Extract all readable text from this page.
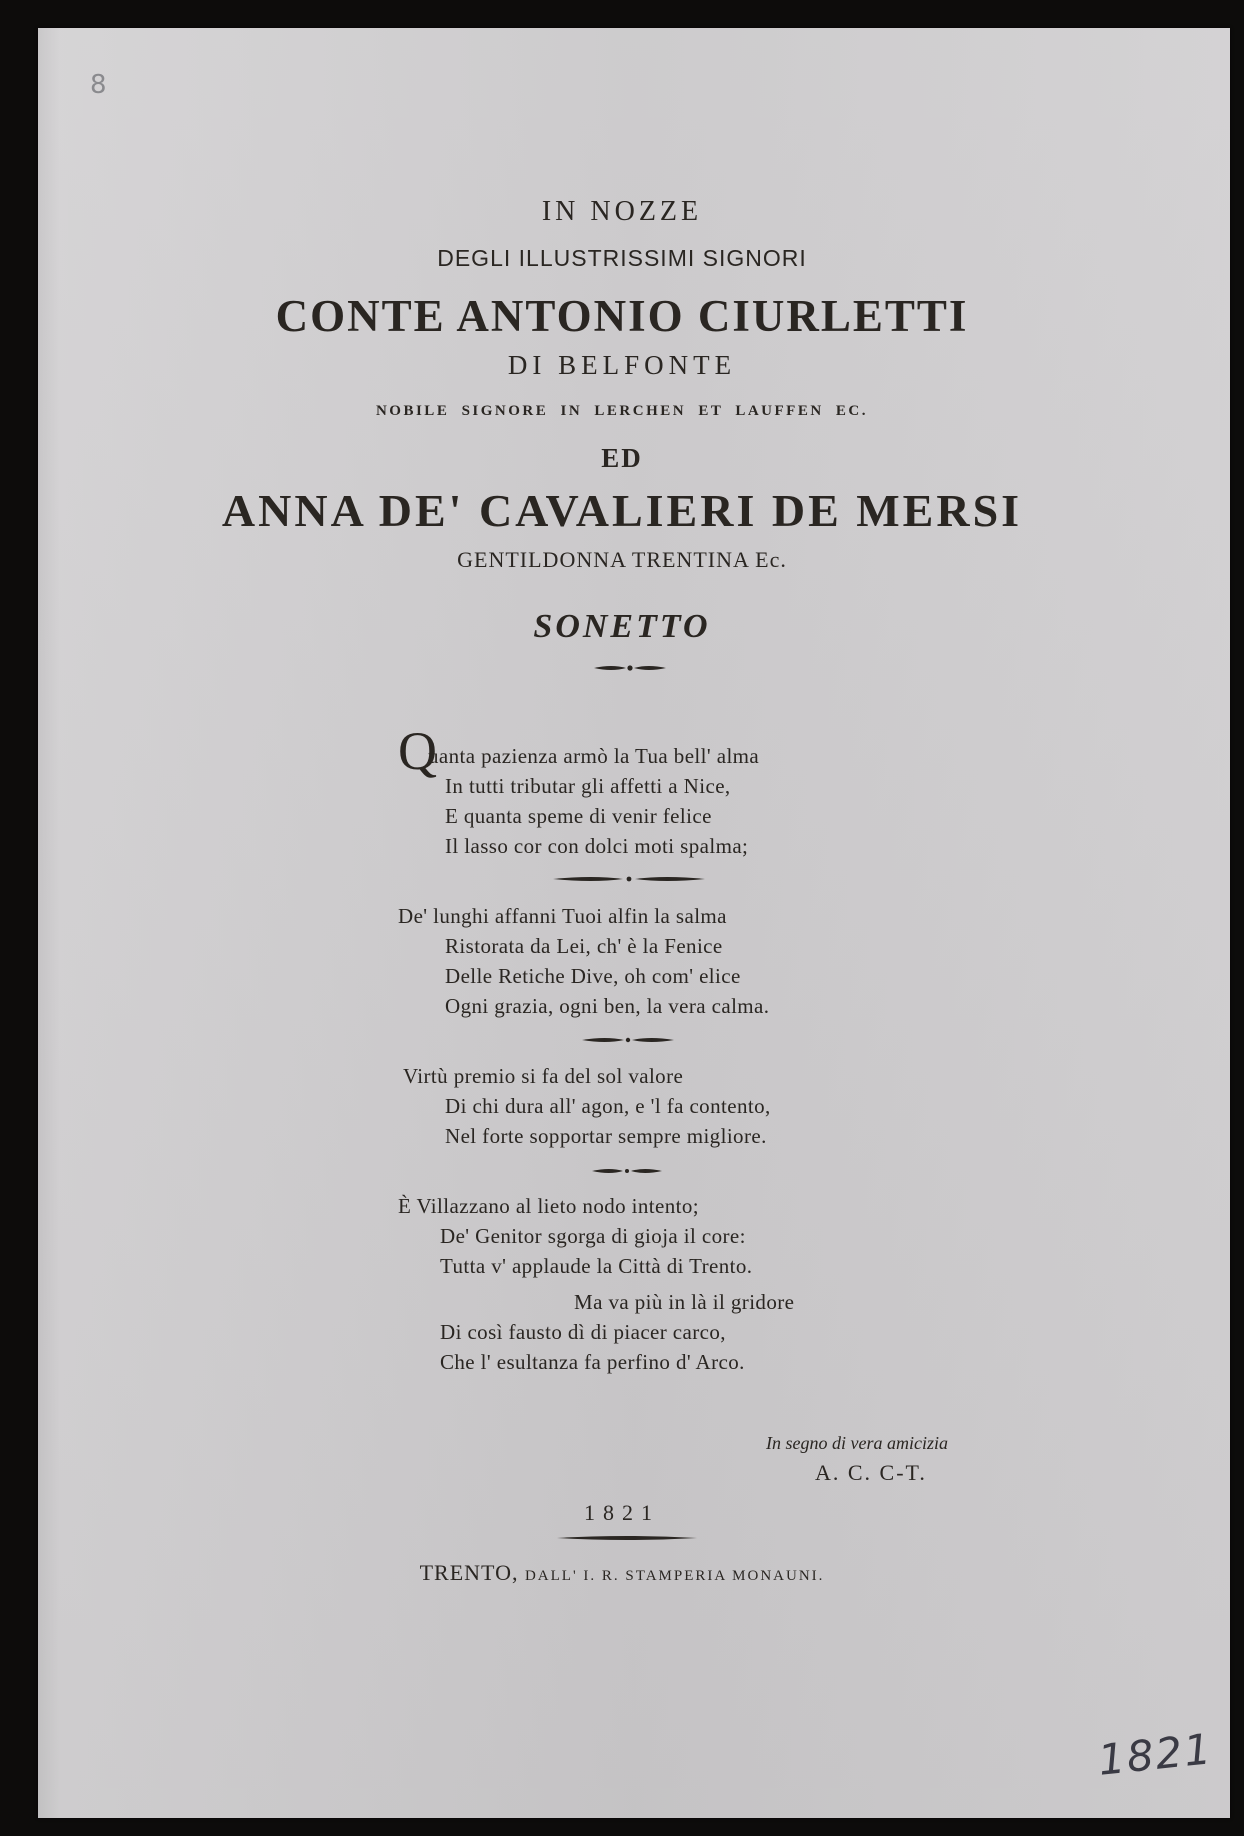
8
1821
IN NOZZE
DEGLI ILLUSTRISSIMI SIGNORI
CONTE ANTONIO CIURLETTI
DI BELFONTE
NOBILE SIGNORE IN LERCHEN ET LAUFFEN EC.
ED
ANNA DE' CAVALIERI DE MERSI
GENTILDONNA TRENTINA Ec.
SONETTO
Q
uanta pazienza armò la Tua bell' alma
In tutti tributar gli affetti a Nice,
E quanta speme di venir felice
Il lasso cor con dolci moti spalma;
De' lunghi affanni Tuoi alfin la salma
Ristorata da Lei, ch' è la Fenice
Delle Retiche Dive, oh com' elice
Ogni grazia, ogni ben, la vera calma.
Virtù premio si fa del sol valore
Di chi dura all' agon, e 'l fa contento,
Nel forte sopportar sempre migliore.
È Villazzano al lieto nodo intento;
De' Genitor sgorga di gioja il core:
Tutta v' applaude la Città di Trento.
Ma va più in là il gridore
Di così fausto dì di piacer carco,
Che l' esultanza fa perfino d' Arco.
In segno di vera amicizia
A. C. C-T.
1821
TRENTO, DALL' I. R. STAMPERIA MONAUNI.
